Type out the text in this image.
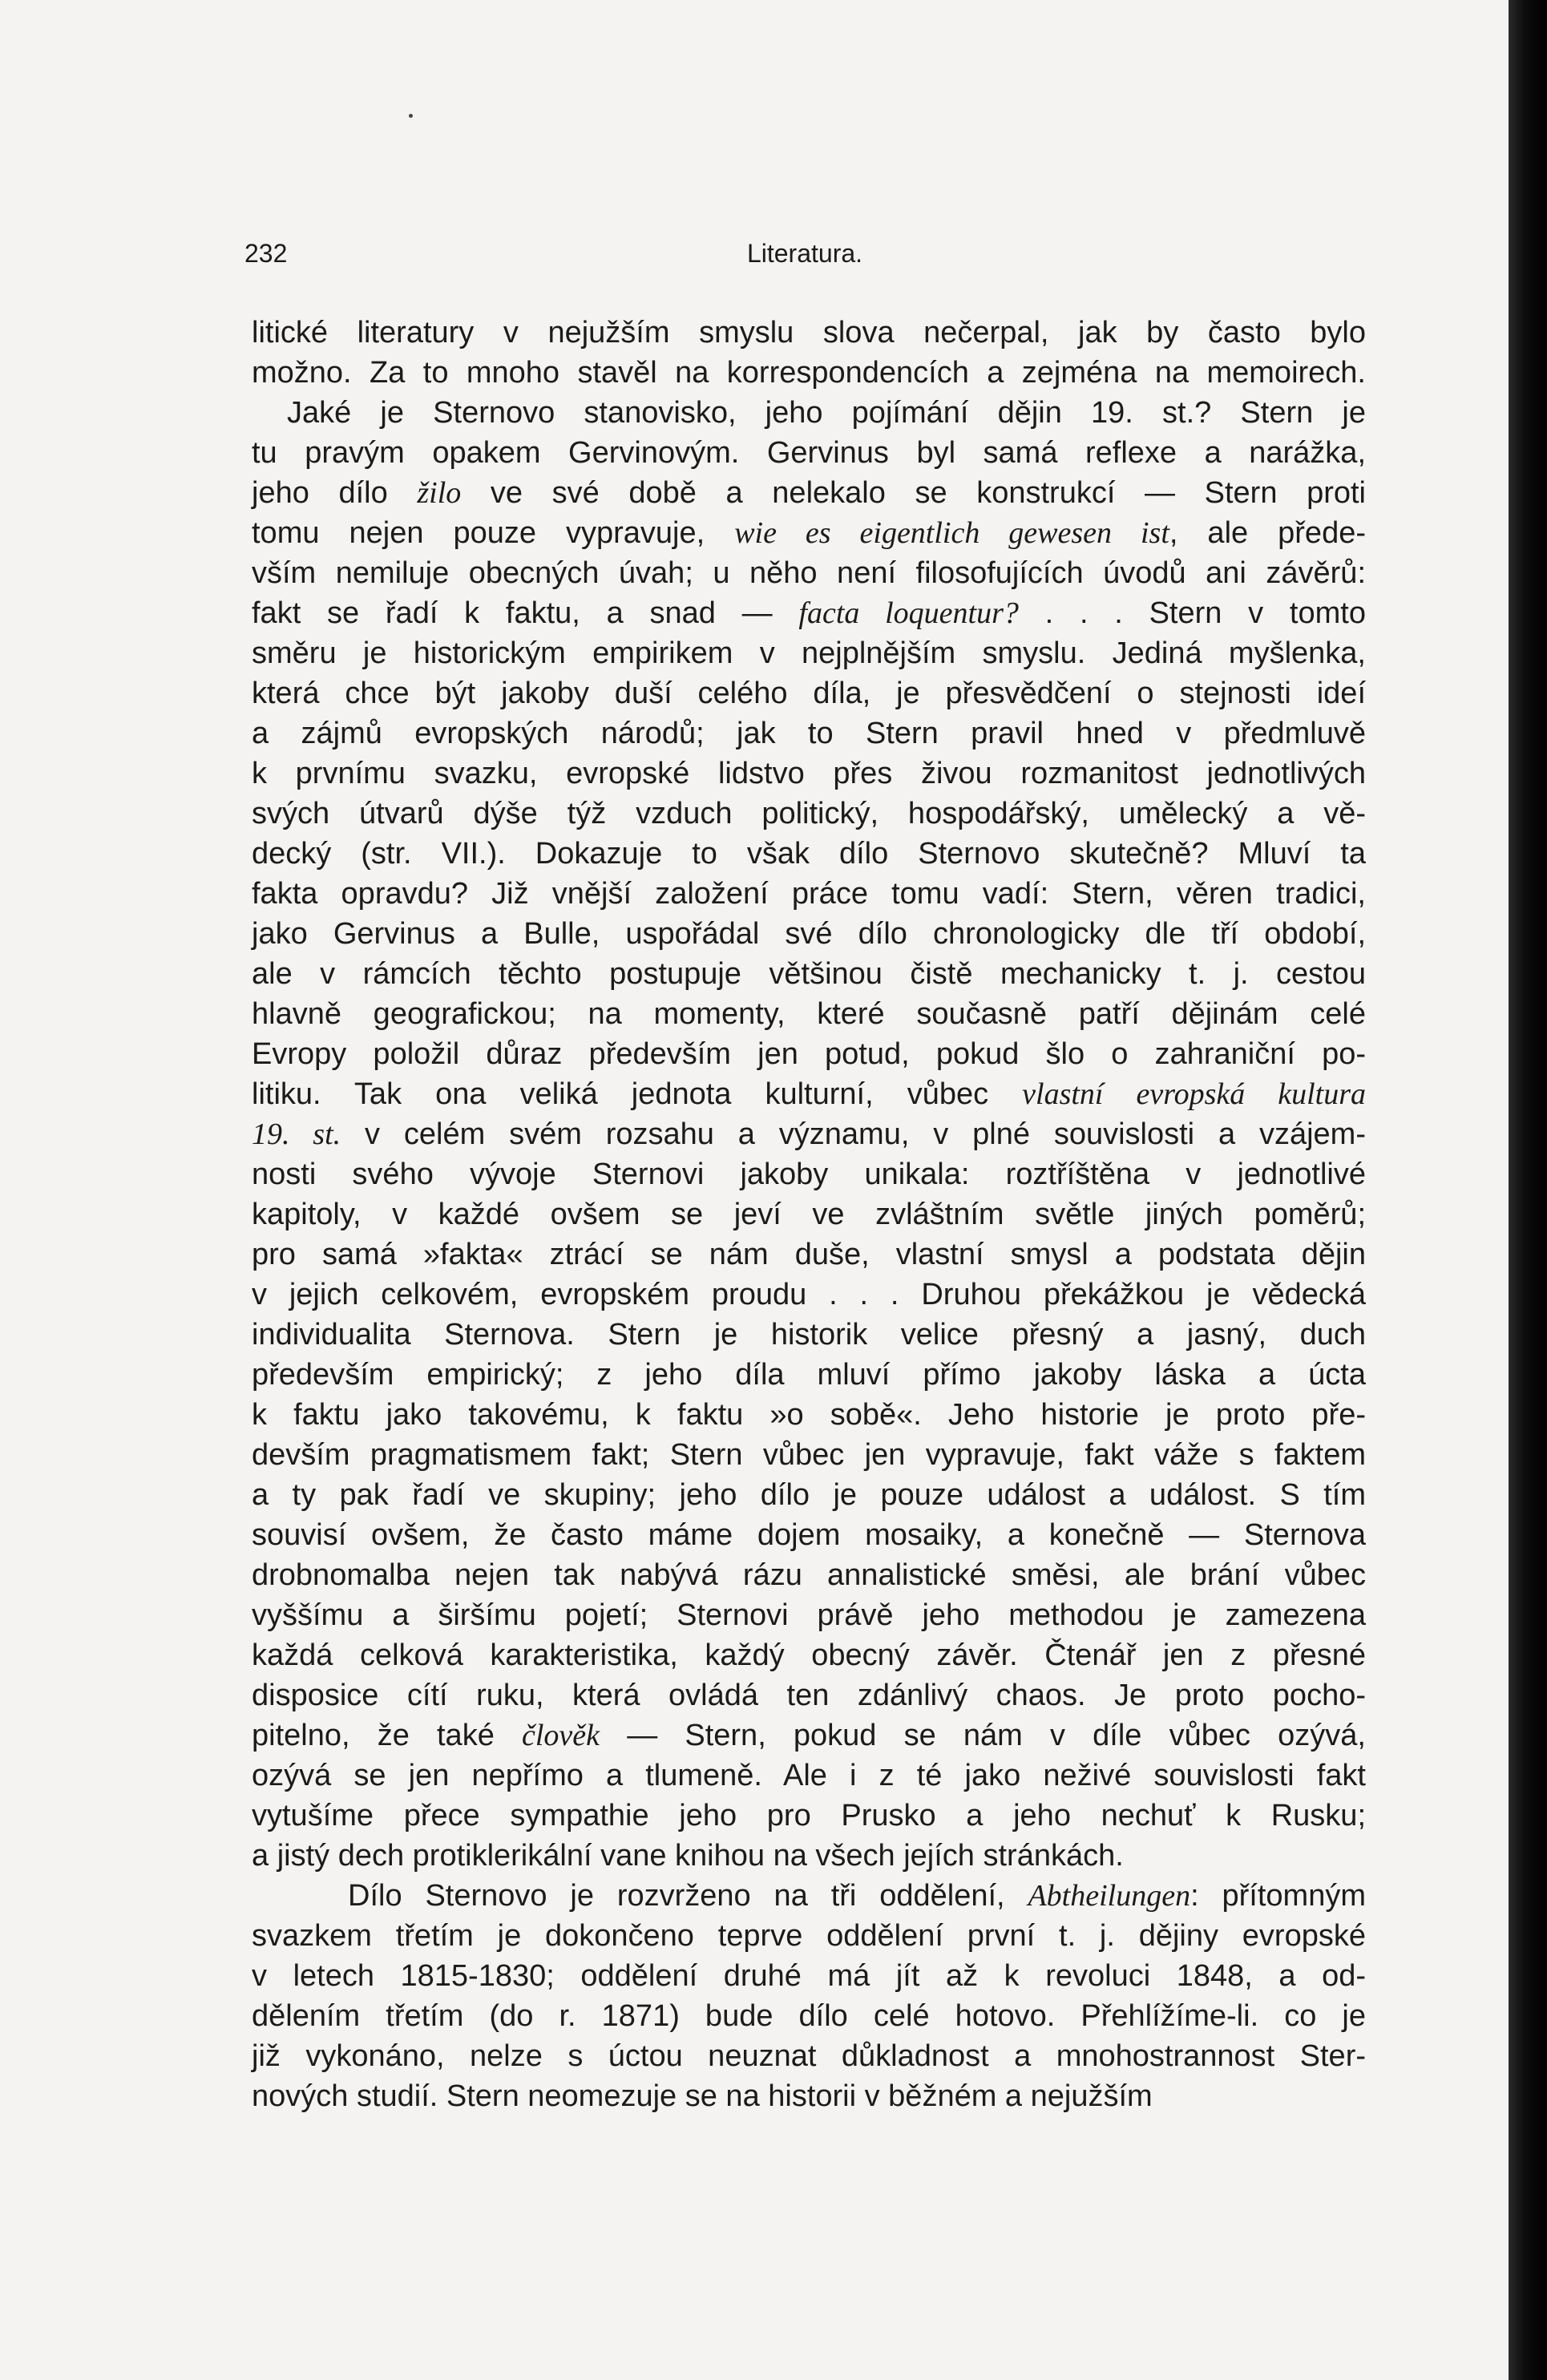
232	Literatura.
litické literatury v nejužším smyslu slova nečerpal, jak by často bylo
možno. Za to mnoho stavěl na korrespondencích a zejména na memoirech.
Jaké je Sternovo stanovisko, jeho pojímání dějin 19. st.? Stern je
tu pravým opakem Gervinovým. Gervinus byl samá reflexe a narážka,
jeho dílo žilo ve své době a nelekalo se konstrukcí — Stern proti
tomu nejen pouze vypravuje, wie es eigentlich gewesen ist, ale přede-
vším nemiluje obecných úvah; u něho není filosofujících úvodů ani závěrů:
fakt se řadí k faktu, a snad — facta loquentur? . . . Stern v tomto
směru je historickým empirikem v nejplnějším smyslu. Jediná myšlenka,
která chce být jakoby duší celého díla, je přesvědčení o stejnosti ideí
a zájmů evropských národů; jak to Stern pravil hned v předmluvě
k prvnímu svazku, evropské lidstvo přes živou rozmanitost jednotlivých
svých útvarů dýše týž vzduch politický, hospodářský, umělecký a vě-
decký (str. VII.). Dokazuje to však dílo Sternovo skutečně? Mluví ta
fakta opravdu? Již vnější založení práce tomu vadí: Stern, věren tradici,
jako Gervinus a Bulle, uspořádal své dílo chronologicky dle tří období,
ale v rámcích těchto postupuje většinou čistě mechanicky t. j. cestou
hlavně geografickou; na momenty, které současně patří dějinám celé
Evropy položil důraz především jen potud, pokud šlo o zahraniční po-
litiku. Tak ona veliká jednota kulturní, vůbec vlastní evropská kultura
19. st. v celém svém rozsahu a významu, v plné souvislosti a vzájem-
nosti svého vývoje Sternovi jakoby unikala: roztříštěna v jednotlivé
kapitoly, v každé ovšem se jeví ve zvláštním světle jiných poměrů;
pro samá »fakta« ztrácí se nám duše, vlastní smysl a podstata dějin
v jejich celkovém, evropském proudu . . . Druhou překážkou je vědecká
individualita Sternova. Stern je historik velice přesný a jasný, duch
především empirický; z jeho díla mluví přímo jakoby láska a úcta
k faktu jako takovému, k faktu »o sobě«. Jeho historie je proto pře-
devším pragmatismem fakt; Stern vůbec jen vypravuje, fakt váže s faktem
a ty pak řadí ve skupiny; jeho dílo je pouze událost a událost. S tím
souvisí ovšem, že často máme dojem mosaiky, a konečně — Sternova
drobnomalba nejen tak nabývá rázu annalistické směsi, ale brání vůbec
vyššímu a širšímu pojetí; Sternovi právě jeho methodou je zamezena
každá celková karakteristika, každý obecný závěr. Čtenář jen z přesné
disposice cítí ruku, která ovládá ten zdánlivý chaos. Je proto pocho-
pitelno, že také člověk — Stern, pokud se nám v díle vůbec ozývá,
ozývá se jen nepřímo a tlumeně. Ale i z té jako neživé souvislosti fakt
vytušíme přece sympathie jeho pro Prusko a jeho nechuť k Rusku;
a jistý dech protiklerikální vane knihou na všech jejích stránkách.
Dílo Sternovo je rozvrženo na tři oddělení, Abtheilungen: přítomným
svazkem třetím je dokončeno teprve oddělení první t. j. dějiny evropské
v letech 1815-1830; oddělení druhé má jít až k revoluci 1848, a od-
dělením třetím (do r. 1871) bude dílo celé hotovo. Přehlížíme-li. co je
již vykonáno, nelze s úctou neuznat důkladnost a mnohostrannost Ster-
nových studií. Stern neomezuje se na historii v běžném a nejužším
